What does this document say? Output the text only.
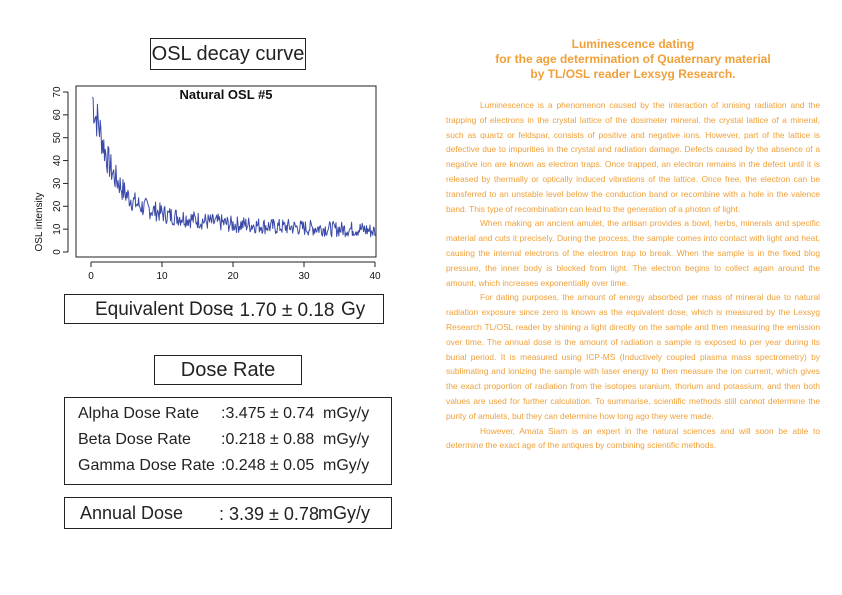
OSL decay curve
Natural OSL #5
OSL intensity
0	10	20	30	40
0
10
20
30
40
50
60
70
Equivalent Dose
: 1.70 ± 0.18 Gy
Dose Rate
Alpha Dose Rate :3.475 ± 0.74 mGy/y
Beta Dose Rate :0.218 ± 0.88 mGy/y
Gamma Dose Rate :0.248 ± 0.05 mGy/y
Annual Dose : 3.39 ± 0.78 mGy/y
Luminescence dating
for the age determination of Quaternary material
by TL/OSL reader Lexsyg Research.

Luminescence is a phenomenon caused by the interaction of ionising radiation and the trapping of electrons in the crystal lattice of the dosimeter mineral. the crystal lattice of a mineral, such as quartz or feldspar, consists of positive and negative ions. However, part of the lattice is defective due to impurities in the crystal and radiation damage. Defects caused by the absence of a negative ion are known as electron traps. Once trapped, an electron remains in the defect until it is released by thermally or optically induced vibrations of the lattice. Once free, the electron can be transferred to an unstable level below the conduction band or recombine with a hole in the valence band. This type of recombination can lead to the generation of a photon of light.

When making an ancient amulet, the artisan provides a bowl, herbs, minerals and specific material and cuts it precisely. During the process, the sample comes into contact with light and heat, causing the internal electrons of the electron trap to break. When the sample is in the fixed blog pressure, the inner body is blocked from light. The electron begins to collect again around the amount, which increases exponentially over time.

For dating purposes, the amount of energy absorbed per mass of mineral due to natural radiation exposure since zero is known as the equivalent dose, which is measured by the Lexsyg Research TL/OSL reader by shining a light directly on the sample and then measuring the emission over time. The annual dose is the amount of radiation a sample is exposed to per year during its burial period. It is measured using ICP-MS (Inductively coupled plasma mass spectrometry) by sublimating and ionizing the sample with laser energy to then measure the ion current, which gives the exact proportion of radiation from the isotopes uranium, thorium and potassium, and then both values are used for further calculation. To summarise, scientific methods still cannot determine the purity of amulets, but they can determine how long ago they were made.

However, Amata Siam is an expert in the natural sciences and will soon be able to determine the exact age of the antiques by combining scientific methods.
